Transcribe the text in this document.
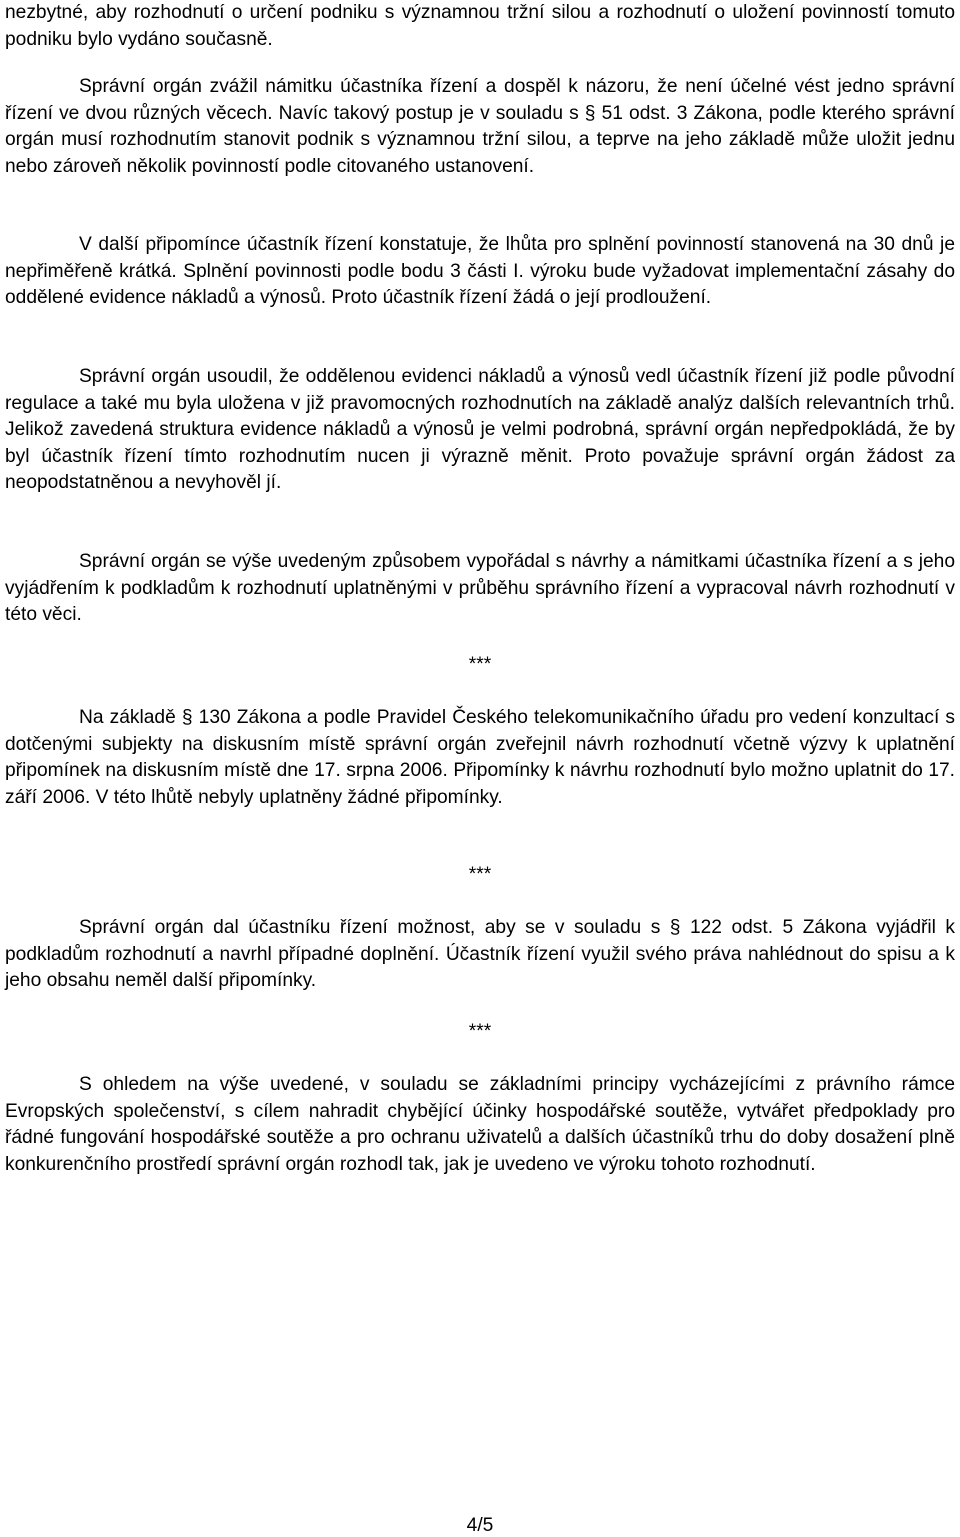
nezbytné, aby rozhodnutí o určení podniku s významnou tržní silou a rozhodnutí o uložení povinností tomuto podniku bylo vydáno současně.

Správní orgán zvážil námitku účastníka řízení a dospěl k názoru, že není účelné vést jedno správní řízení ve dvou různých věcech. Navíc takový postup je v souladu s § 51 odst. 3 Zákona, podle kterého správní orgán musí rozhodnutím stanovit podnik s významnou tržní silou, a teprve na jeho základě může uložit jednu nebo zároveň několik povinností podle citovaného ustanovení.

V další připomínce účastník řízení konstatuje, že lhůta pro splnění povinností stanovená na 30 dnů je nepřiměřeně krátká. Splnění povinnosti podle bodu 3 části I. výroku bude vyžadovat implementační zásahy do oddělené evidence nákladů a výnosů. Proto účastník řízení žádá o její prodloužení.

Správní orgán usoudil, že oddělenou evidenci nákladů a výnosů vedl účastník řízení již podle původní regulace a také mu byla uložena v již pravomocných rozhodnutích na základě analýz dalších relevantních trhů. Jelikož zavedená struktura evidence nákladů a výnosů je velmi podrobná, správní orgán nepředpokládá, že by byl účastník řízení tímto rozhodnutím nucen ji výrazně měnit. Proto považuje správní orgán žádost za neopodstatněnou a nevyhověl jí.

Správní orgán se výše uvedeným způsobem vypořádal s návrhy a námitkami účastníka řízení a s jeho vyjádřením k podkladům k rozhodnutí uplatněnými v průběhu správního řízení a vypracoval návrh rozhodnutí v této věci.

***

Na základě § 130 Zákona a podle Pravidel Českého telekomunikačního úřadu pro vedení konzultací s dotčenými subjekty na diskusním místě správní orgán zveřejnil návrh rozhodnutí včetně výzvy k uplatnění připomínek na diskusním místě dne 17. srpna 2006. Připomínky k návrhu rozhodnutí bylo možno uplatnit do 17. září 2006. V této lhůtě nebyly uplatněny žádné připomínky.

***

Správní orgán dal účastníku řízení možnost, aby se v souladu s § 122 odst. 5 Zákona vyjádřil k podkladům rozhodnutí a navrhl případné doplnění. Účastník řízení využil svého práva nahlédnout do spisu a k jeho obsahu neměl další připomínky.

***

S ohledem na výše uvedené, v souladu se základními principy vycházejícími z právního rámce Evropských společenství, s cílem nahradit chybějící účinky hospodářské soutěže, vytvářet předpoklady pro řádné fungování hospodářské soutěže a pro ochranu uživatelů a dalších účastníků trhu do doby dosažení plně konkurenčního prostředí správní orgán rozhodl tak, jak je uvedeno ve výroku tohoto rozhodnutí.

4/5
